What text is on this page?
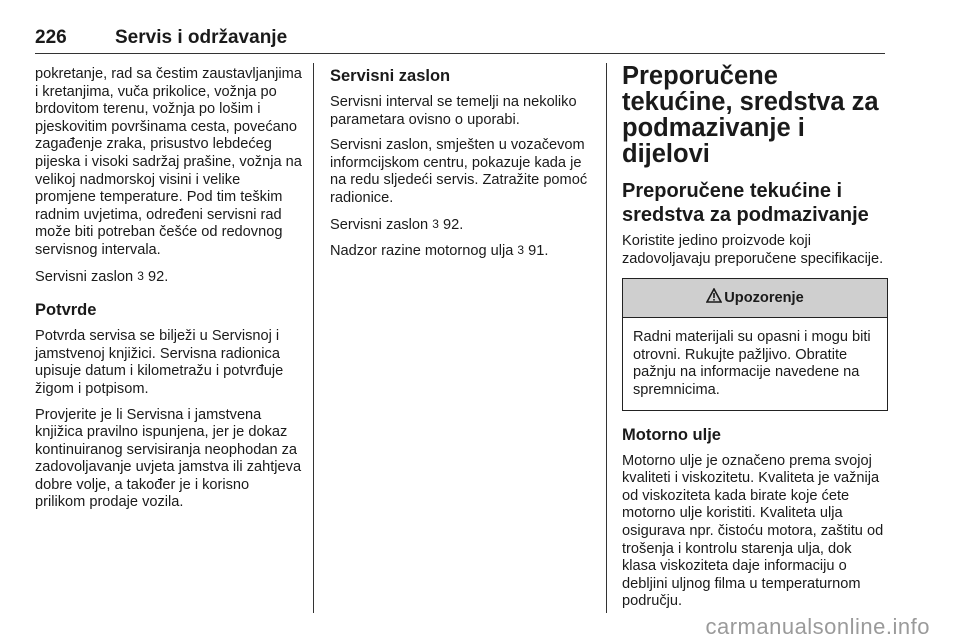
226	Servis i održavanje

pokretanje, rad sa čestim zaustavljanjima i kretanjima, vuča prikolice, vožnja po brdovitom terenu, vožnja po lošim i pjeskovitim površinama cesta, povećano zagađenje zraka, prisustvo lebdećeg pijeska i visoki sadržaj prašine, vožnja na velikoj nadmorskoj visini i velike promjene temperature. Pod tim teškim radnim uvjetima, određeni servisni rad može biti potreban češće od redovnog servisnog intervala.

Servisni zaslon 3 92.

Potvrde

Potvrda servisa se bilježi u Servisnoj i jamstvenoj knjižici. Servisna radionica upisuje datum i kilometražu i potvrđuje žigom i potpisom.

Provjerite je li Servisna i jamstvena knjižica pravilno ispunjena, jer je dokaz kontinuiranog servisiranja neophodan za zadovoljavanje uvjeta jamstva ili zahtjeva dobre volje, a također je i korisno prilikom prodaje vozila.

Servisni zaslon

Servisni interval se temelji na nekoliko parametara ovisno o uporabi.

Servisni zaslon, smješten u vozačevom informcijskom centru, pokazuje kada je na redu sljedeći servis. Zatražite pomoć radionice.

Servisni zaslon 3 92.

Nadzor razine motornog ulja 3 91.

Preporučene tekućine, sredstva za podmazivanje i dijelovi
Preporučene tekućine i sredstva za podmazivanje

Koristite jedino proizvode koji zadovoljavaju preporučene specifikacije.

Upozorenje
Radni materijali su opasni i mogu biti otrovni. Rukujte pažljivo. Obratite pažnju na informacije navedene na spremnicima.
Motorno ulje

Motorno ulje je označeno prema svojoj kvaliteti i viskozitetu. Kvaliteta je važnija od viskoziteta kada birate koje ćete motorno ulje koristiti. Kvaliteta ulja osigurava npr. čistoću motora, zaštitu od trošenja i kontrolu starenja ulja, dok klasa viskoziteta daje informaciju o debljini uljnog filma u temperaturnom području.

carmanualsonline.info
